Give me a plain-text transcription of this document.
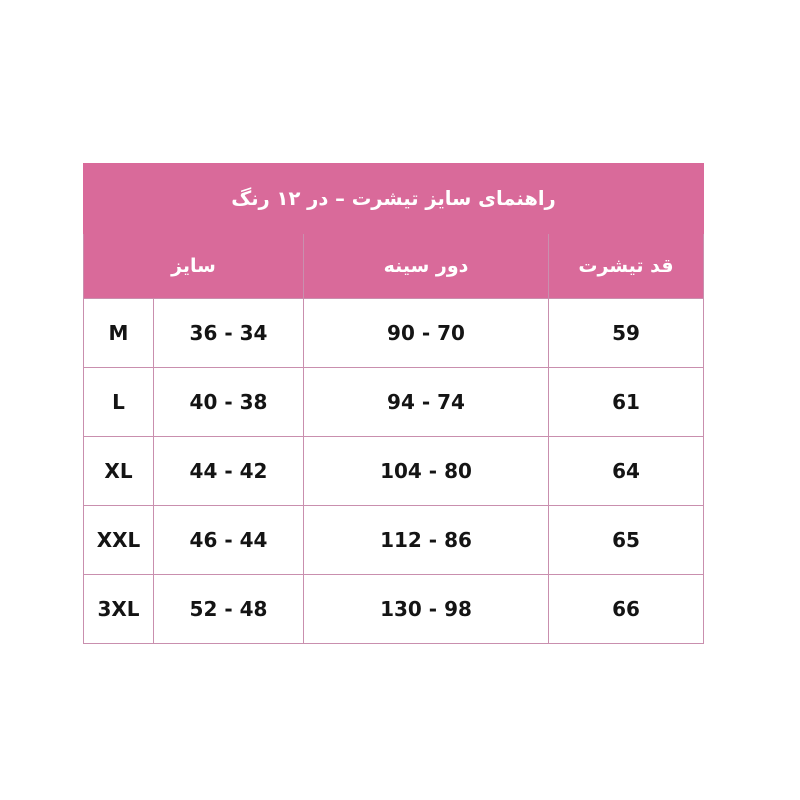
راهنمای سایز تیشرت – در ۱۲ رنگ			
قد تیشرت	دور سینه	سایز	
59	70 - 90	34 - 36	M
61	74 - 94	38 - 40	L
64	80 - 104	42 - 44	XL
65	86 - 112	44 - 46	XXL
66	98 - 130	48 - 52	3XL
